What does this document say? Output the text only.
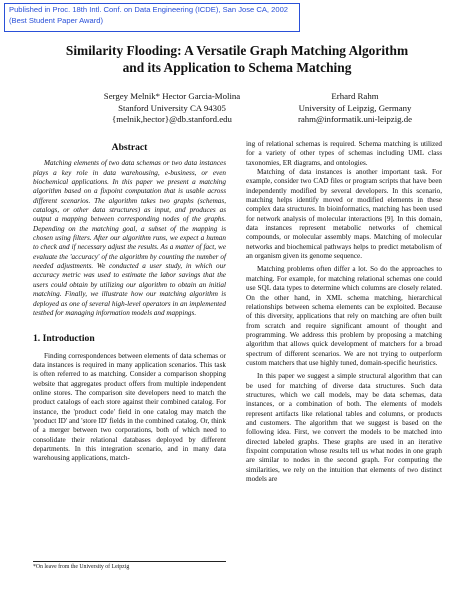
Published in Proc. 18th Intl. Conf. on Data Engineering (ICDE), San Jose CA, 2002
(Best Student Paper Award)
Similarity Flooding: A Versatile Graph Matching Algorithm
and its Application to Schema Matching
Sergey Melnik* Hector Garcia-Molina
Stanford University CA 94305
{melnik,hector}@db.stanford.edu
Erhard Rahm
University of Leipzig, Germany
rahm@informatik.uni-leipzig.de
Abstract

Matching elements of two data schemas or two data instances plays a key role in data warehousing, e-business, or even biochemical applications. In this paper we present a matching algorithm based on a fixpoint computation that is usable across different scenarios. The algorithm takes two graphs (schemas, catalogs, or other data structures) as input, and produces as output a mapping between corresponding nodes of the graphs. Depending on the matching goal, a subset of the mapping is chosen using filters. After our algorithm runs, we expect a human to check and if necessary adjust the results. As a matter of fact, we evaluate the 'accuracy' of the algorithm by counting the number of needed adjustments. We conducted a user study, in which our accuracy metric was used to estimate the labor savings that the users could obtain by utilizing our algorithm to obtain an initial matching. Finally, we illustrate how our matching algorithm is deployed as one of several high-level operators in an implemented testbed for managing information models and mappings.

1. Introduction

Finding correspondences between elements of data schemas or data instances is required in many application scenarios. This task is often referred to as matching. Consider a comparison shopping website that aggregates product offers from multiple independent online stores. The comparison site developers need to match the product catalogs of each store against their combined catalog. For instance, the 'product code' field in one catalog may match the 'product ID' and 'store ID' fields in the combined catalog. Or, think of a merger between two corporations, both of which need to consolidate their relational databases deployed by different departments. In this integration scenario, and in many data warehousing applications, match-

*On leave from the University of Leipzig

ing of relational schemas is required. Schema matching is utilized for a variety of other types of schemas including UML class taxonomies, ER diagrams, and ontologies.

Matching of data instances is another important task. For example, consider two CAD files or program scripts that have been independently modified by several developers. In this scenario, matching helps identify moved or modified elements in these complex data structures. In bioinformatics, matching has been used for network analysis of molecular interactions [9]. In this domain, data instances represent metabolic networks of chemical compounds, or molecular assembly maps. Matching of molecular networks and biochemical pathways helps to predict metabolism of an organism given its genome sequence.

Matching problems often differ a lot. So do the approaches to matching. For example, for matching relational schemas one could use SQL data types to determine which columns are closely related. On the other hand, in XML schema matching, hierarchical relationships between schema elements can be exploited. Because of this diversity, applications that rely on matching are often built from scratch and require significant amount of thought and programming. We address this problem by proposing a matching algorithm that allows quick development of matchers for a broad spectrum of different scenarios. We are not trying to outperform custom matchers that use highly tuned, domain-specific heuristics.

In this paper we suggest a simple structural algorithm that can be used for matching of diverse data structures. Such data structures, which we call models, may be data schemas, data instances, or a combination of both. The elements of models represent artifacts like relational tables and columns, or products and customers. The algorithm that we suggest is based on the following idea. First, we convert the models to be matched into directed labeled graphs. These graphs are used in an iterative fixpoint computation whose results tell us what nodes in one graph are similar to nodes in the second graph. For computing the similarities, we rely on the intuition that elements of two distinct models are
